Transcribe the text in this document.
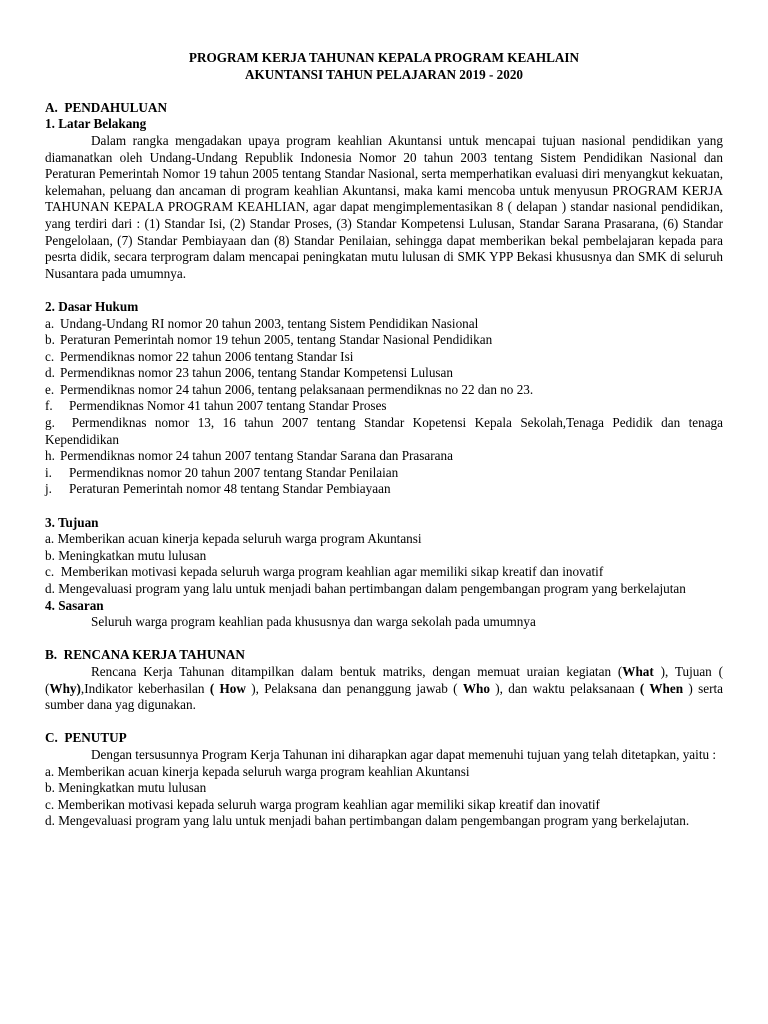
PROGRAM KERJA TAHUNAN KEPALA PROGRAM KEAHLAIN

AKUNTANSI TAHUN PELAJARAN 2019 - 2020

A.  PENDAHULUAN

1. Latar Belakang

Dalam rangka mengadakan upaya program keahlian Akuntansi untuk mencapai tujuan nasional pendidikan yang diamanatkan oleh Undang-Undang Republik Indonesia Nomor 20 tahun 2003 tentang Sistem Pendidikan Nasional dan Peraturan Pemerintah Nomor 19 tahun 2005 tentang Standar Nasional, serta memperhatikan evaluasi diri menyangkut kekuatan, kelemahan, peluang dan ancaman di program keahlian Akuntansi, maka kami mencoba untuk menyusun PROGRAM KERJA TAHUNAN KEPALA PROGRAM KEAHLIAN, agar dapat mengimplementasikan 8 ( delapan ) standar nasional pendidikan, yang terdiri dari : (1) Standar Isi, (2) Standar Proses, (3) Standar Kompetensi Lulusan, Standar Sarana Prasarana, (6) Standar Pengelolaan, (7) Standar Pembiayaan dan (8) Standar Penilaian, sehingga dapat memberikan bekal pembelajaran kepada para pesrta didik, secara terprogram dalam mencapai peningkatan mutu lulusan di SMK YPP Bekasi khususnya dan SMK di seluruh Nusantara pada umumnya.

2. Dasar Hukum

a. Undang-Undang RI nomor 20 tahun 2003, tentang Sistem Pendidikan Nasional
b. Peraturan Pemerintah nomor 19 tehun 2005, tentang Standar Nasional Pendidikan
c. Permendiknas nomor 22 tahun 2006 tentang Standar Isi
d. Permendiknas nomor 23 tahun 2006, tentang Standar Kompetensi Lulusan
e. Permendiknas nomor 24 tahun 2006, tentang pelaksanaan permendiknas no 22 dan no 23.
f.	Permendiknas Nomor 41 tahun 2007 tentang Standar Proses

g. Permendiknas nomor 13, 16 tahun 2007 tentang Standar Kopetensi Kepala Sekolah,Tenaga Pedidik dan tenaga Kependidikan

h. Permendiknas nomor 24 tahun 2007 tentang Standar Sarana dan Prasarana
i.	Permendiknas nomor 20 tahun 2007 tentang Standar Penilaian
j.	Peraturan Pemerintah nomor 48 tentang Standar Pembiayaan

3. Tujuan

a. Memberikan acuan kinerja kepada seluruh warga program Akuntansi

b. Meningkatkan mutu lulusan

c. Memberikan motivasi kepada seluruh warga program keahlian agar memiliki sikap kreatif dan inovatif

d. Mengevaluasi program yang lalu untuk menjadi bahan pertimbangan dalam pengembangan program yang berkelajutan

4. Sasaran

Seluruh warga program keahlian pada khususnya dan warga sekolah pada umumnya

B.  RENCANA KERJA TAHUNAN

Rencana Kerja Tahunan ditampilkan dalam bentuk matriks, dengan memuat uraian kegiatan (What ), Tujuan ( (Why),Indikator keberhasilan ( How ), Pelaksana dan penanggung jawab ( Who ), dan waktu pelaksanaan ( When ) serta sumber dana yag digunakan.

C.  PENUTUP

Dengan tersusunnya Program Kerja Tahunan ini diharapkan agar dapat memenuhi tujuan yang telah ditetapkan, yaitu :

a. Memberikan acuan kinerja kepada seluruh warga program keahlian Akuntansi

b. Meningkatkan mutu lulusan

c. Memberikan motivasi kepada seluruh warga program keahlian agar memiliki sikap kreatif dan inovatif

d. Mengevaluasi program yang lalu untuk menjadi bahan pertimbangan dalam pengembangan program yang berkelajutan.
